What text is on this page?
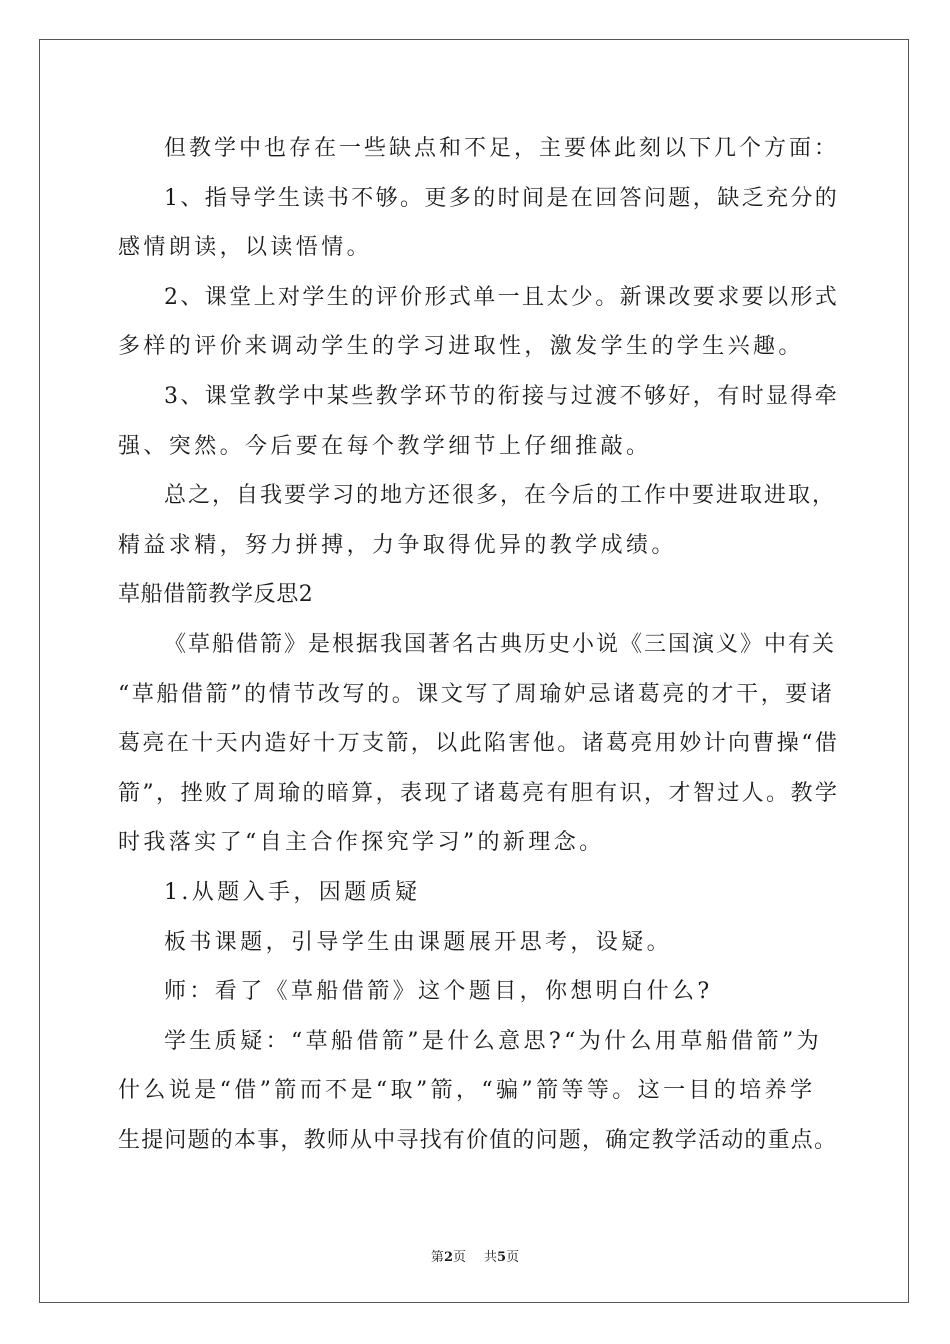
但教学中也存在一些缺点和不足，主要体此刻以下几个方面：
1、指导学生读书不够。更多的时间是在回答问题，缺乏充分的
感情朗读，以读悟情。
2、课堂上对学生的评价形式单一且太少。新课改要求要以形式
多样的评价来调动学生的学习进取性，激发学生的学生兴趣。
3、课堂教学中某些教学环节的衔接与过渡不够好，有时显得牵
强、突然。今后要在每个教学细节上仔细推敲。
总之，自我要学习的地方还很多，在今后的工作中要进取进取，
精益求精，努力拼搏，力争取得优异的教学成绩。
草船借箭教学反思2
《草船借箭》是根据我国著名古典历史小说《三国演义》中有关
“草船借箭”的情节改写的。课文写了周瑜妒忌诸葛亮的才干，要诸
葛亮在十天内造好十万支箭，以此陷害他。诸葛亮用妙计向曹操“借
箭”，挫败了周瑜的暗算，表现了诸葛亮有胆有识，才智过人。教学
时我落实了“自主合作探究学习”的新理念。
1.从题入手，因题质疑
板书课题，引导学生由课题展开思考，设疑。
师：看了《草船借箭》这个题目，你想明白什么?
学生质疑：“草船借箭”是什么意思?“为什么用草船借箭”为
什么说是“借”箭而不是“取”箭，“骗”箭等等。这一目的培养学
生提问题的本事，教师从中寻找有价值的问题，确定教学活动的重点。
第2页 共5页
